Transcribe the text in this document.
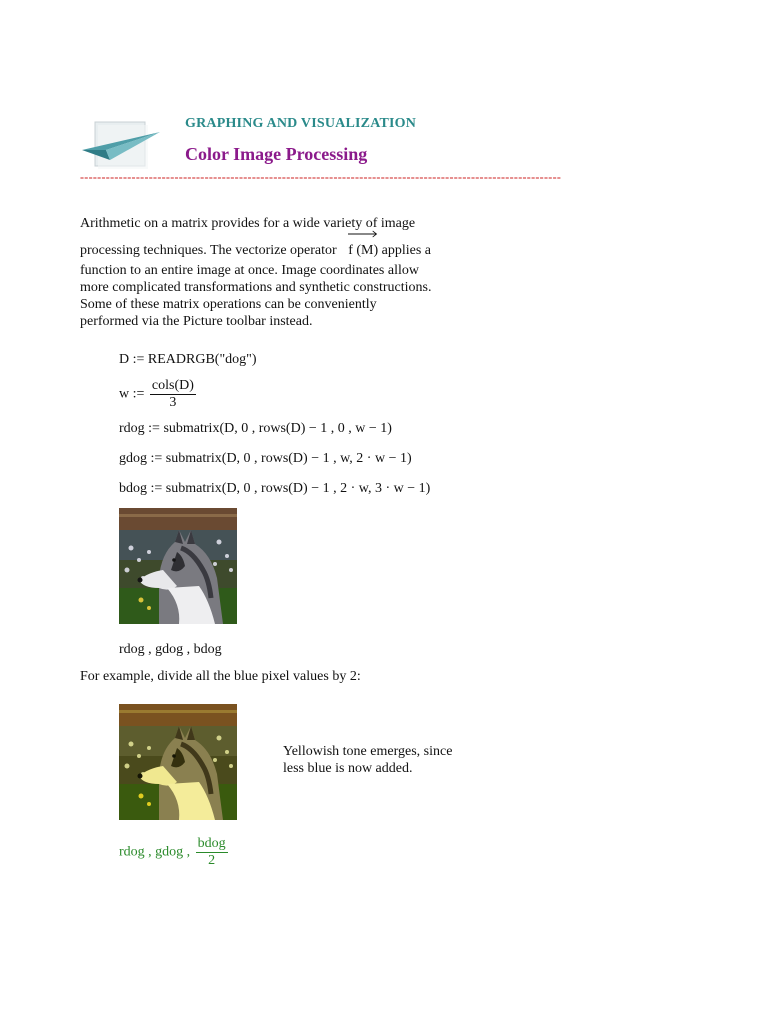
GRAPHING AND VISUALIZATION
Color Image Processing
----------------------------------------------------------------------------------------------------------------
Arithmetic on a matrix provides for a wide variety of image
processing techniques. The vectorize operator f (M) applies a
function to an entire image at once. Image coordinates allow
more complicated transformations and synthetic constructions.
Some of these matrix operations can be conveniently
performed via the Picture toolbar instead.
D := READRGB("dog")
w := $\frac{\text{cols(D)}}{3}$
rdog := submatrix(D, 0 , rows(D) − 1 , 0 , w − 1)
gdog := submatrix(D, 0 , rows(D) − 1 , w, 2 · w − 1)
bdog := submatrix(D, 0 , rows(D) − 1 , 2 · w, 3 · w − 1)
rdog , gdog , bdog
For example, divide all the blue pixel values by 2:
Yellowish tone emerges, since
less blue is now added.
rdog , gdog , $\frac{\text{bdog}}{2}$
